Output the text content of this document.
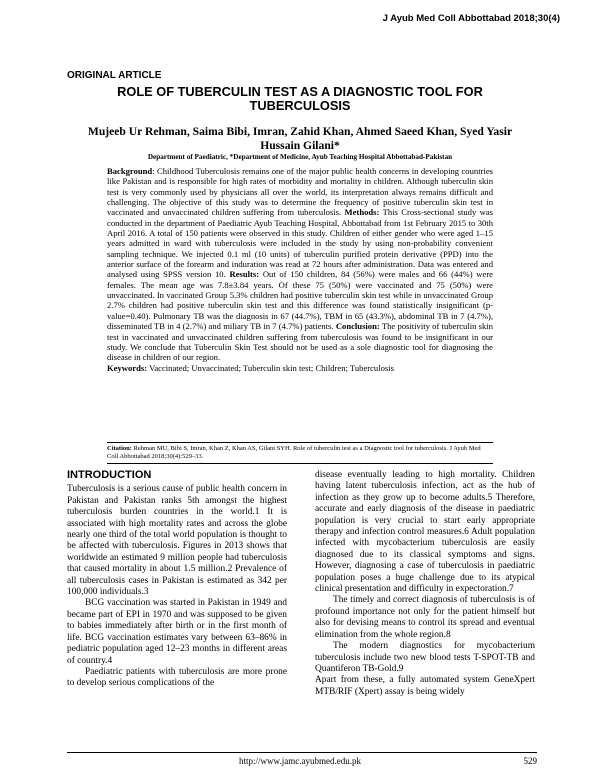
J Ayub Med Coll Abbottabad 2018;30(4)
ORIGINAL ARTICLE
ROLE OF TUBERCULIN TEST AS A DIAGNOSTIC TOOL FOR TUBERCULOSIS
Mujeeb Ur Rehman, Saima Bibi, Imran, Zahid Khan, Ahmed Saeed Khan, Syed Yasir Hussain Gilani*
Department of Paediatric, *Department of Medicine, Ayub Teaching Hospital Abbottabad-Pakistan
Background: Childhood Tuberculosis remains one of the major public health concerns in developing countries like Pakistan and is responsible for high rates of morbidity and mortality in children. Although tuberculin skin test is very commonly used by physicians all over the world, its interpretation always remains difficult and challenging. The objective of this study was to determine the frequency of positive tuberculin skin test in vaccinated and unvaccinated children suffering from tuberculosis. Methods: This Cross-sectional study was conducted in the department of Paediatric Ayub Teaching Hospital, Abbottabad from 1st February 2015 to 30th April 2016. A total of 150 patients were observed in this study. Children of either gender who were aged 1–15 years admitted in ward with tuberculosis were included in the study by using non-probability convenient sampling technique. We injected 0.1 ml (10 units) of tuberculin purified protein derivative (PPD) into the anterior surface of the forearm and induration was read at 72 hours after administration. Data was entered and analysed using SPSS version 10. Results: Out of 150 children, 84 (56%) were males and 66 (44%) were females. The mean age was 7.8±3.84 years. Of these 75 (50%) were vaccinated and 75 (50%) were unvaccinated. In vaccinated Group 5.3% children had positive tuberculin skin test while in unvaccinated Group 2.7% children had positive tuberculin skin test and this difference was found statistically insignificant (p-value=0.40). Pulmonary TB was the diagnosis in 67 (44.7%), TBM in 65 (43.3%), abdominal TB in 7 (4.7%), disseminated TB in 4 (2.7%) and miliary TB in 7 (4.7%) patients. Conclusion: The positivity of tuberculin skin test in vaccinated and unvaccinated children suffering from tuberculosis was found to be insignificant in our study. We conclude that Tuberculin Skin Test should not be used as a sole diagnostic tool for diagnosing the disease in children of our region.
Keywords: Vaccinated; Unvaccinated; Tuberculin skin test; Children; Tuberculosis
Citation: Rehman MU, Bibi S, Imran, Khan Z, Khan AS, Gilani SYH. Role of tuberculin test as a Diagnostic tool for tuberculosis. J Ayub Med Coll Abbottabad 2018;30(4):529–33.
INTRODUCTION

Tuberculosis is a serious cause of public health concern in Pakistan and Pakistan ranks 5th amongst the highest tuberculosis burden countries in the world.1 It is associated with high mortality rates and across the globe nearly one third of the total world population is thought to be affected with tuberculosis. Figures in 2013 shows that worldwide an estimated 9 million people had tuberculosis that caused mortality in about 1.5 million.2 Prevalence of all tuberculosis cases in Pakistan is estimated as 342 per 100,000 individuals.3

BCG vaccination was started in Pakistan in 1949 and became part of EPI in 1970 and was supposed to be given to babies immediately after birth or in the first month of life. BCG vaccination estimates vary between 63–86% in pediatric population aged 12–23 months in different areas of country.4

Paediatric patients with tuberculosis are more prone to develop serious complications of the

disease eventually leading to high mortality. Children having latent tuberculosis infection, act as the hub of infection as they grow up to become adults.5 Therefore, accurate and early diagnosis of the disease in paediatric population is very crucial to start early appropriate therapy and infection control measures.6 Adult population infected with mycobacterium tuberculosis are easily diagnosed due to its classical symptoms and signs. However, diagnosing a case of tuberculosis in paediatric population poses a huge challenge due to its atypical clinical presentation and difficulty in expectoration.7

The timely and correct diagnosis of tuberculosis is of profound importance not only for the patient himself but also for devising means to control its spread and eventual elimination from the whole region.8

The modern diagnostics for mycobacterium tuberculosis include two new blood tests T-SPOT-TB and Quantiferon TB-Gold.9

Apart from these, a fully automated system GeneXpert MTB/RIF (Xpert) assay is being widely

http://www.jamc.ayubmed.edu.pk	529
